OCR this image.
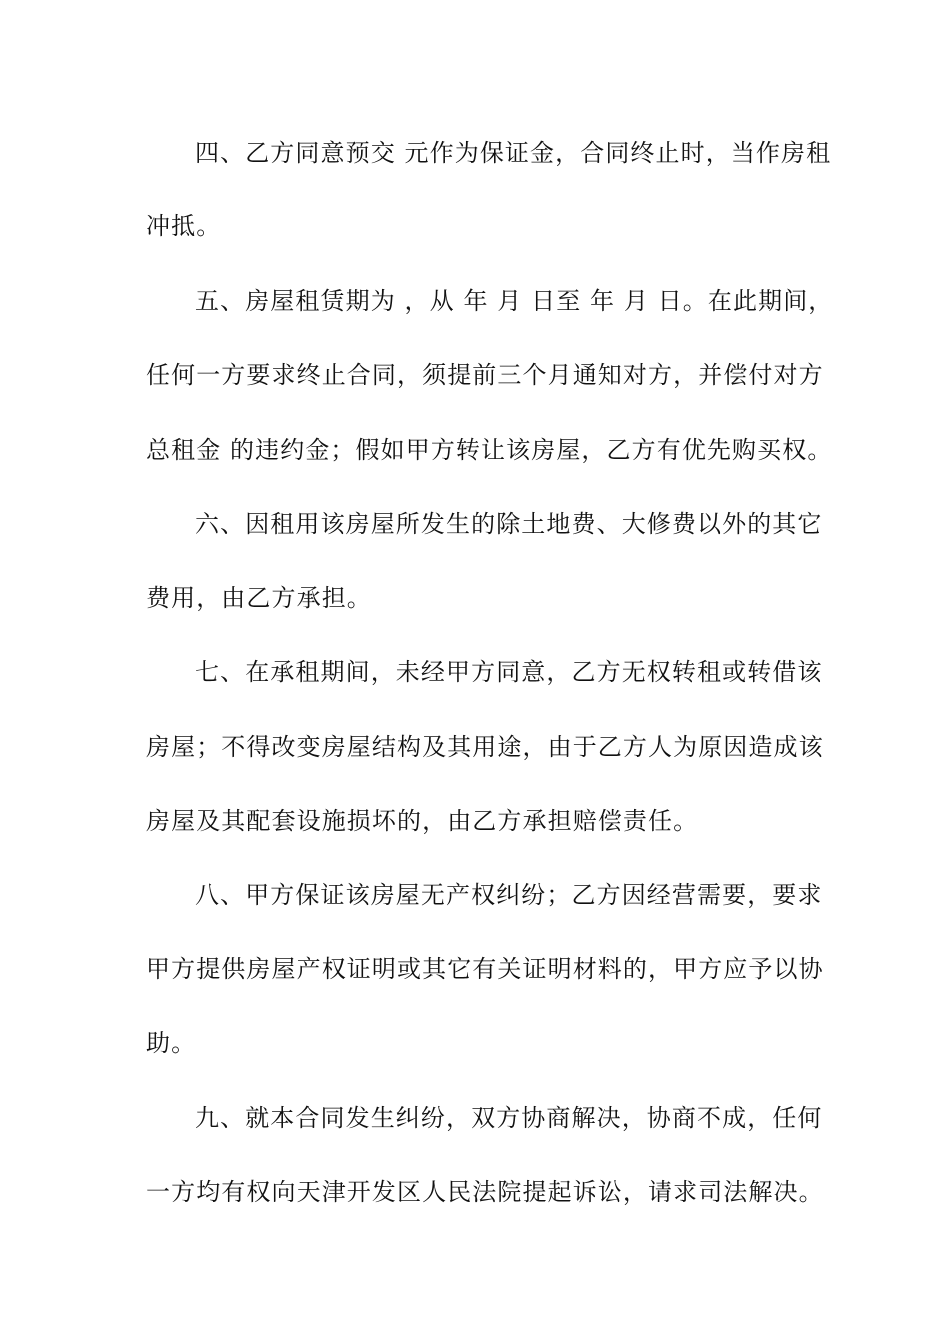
四、乙方同意预交 元作为保证金，合同终止时，当作房租
冲抵。
五、房屋租赁期为 ，从 年 月 日至 年 月 日。在此期间，
任何一方要求终止合同，须提前三个月通知对方，并偿付对方
总租金 的违约金；假如甲方转让该房屋，乙方有优先购买权。
六、因租用该房屋所发生的除土地费、大修费以外的其它
费用，由乙方承担。
七、在承租期间，未经甲方同意，乙方无权转租或转借该
房屋；不得改变房屋结构及其用途，由于乙方人为原因造成该
房屋及其配套设施损坏的，由乙方承担赔偿责任。
八、甲方保证该房屋无产权纠纷；乙方因经营需要，要求
甲方提供房屋产权证明或其它有关证明材料的，甲方应予以协
助。
九、就本合同发生纠纷，双方协商解决，协商不成，任何
一方均有权向天津开发区人民法院提起诉讼，请求司法解决。
